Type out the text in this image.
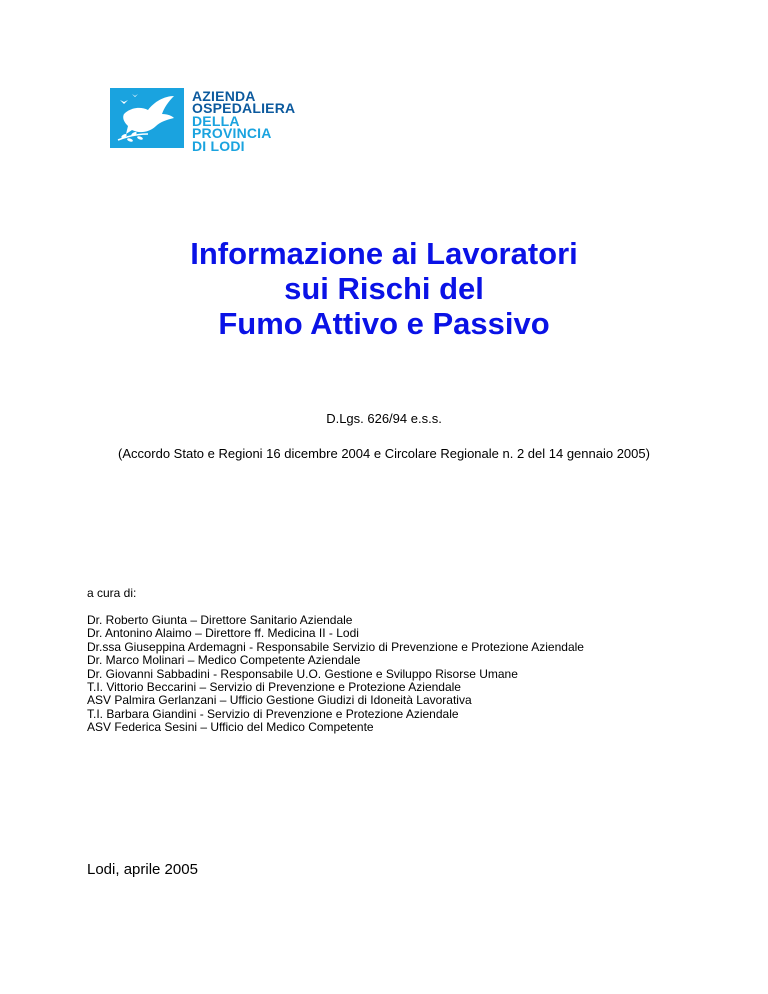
AZIENDA
OSPEDALIERA
DELLA
PROVINCIA
DI LODI
Informazione ai Lavoratori
sui Rischi del
Fumo Attivo e Passivo
D.Lgs. 626/94 e.s.s.
(Accordo Stato e Regioni 16 dicembre 2004 e Circolare Regionale n. 2 del 14 gennaio 2005)
a cura di:
Dr. Roberto Giunta – Direttore Sanitario Aziendale
Dr. Antonino Alaimo – Direttore ff. Medicina II - Lodi
Dr.ssa Giuseppina Ardemagni - Responsabile Servizio di Prevenzione e Protezione Aziendale
Dr. Marco Molinari – Medico Competente Aziendale
Dr. Giovanni Sabbadini - Responsabile U.O. Gestione e Sviluppo Risorse Umane
T.I. Vittorio Beccarini – Servizio di Prevenzione e Protezione Aziendale
ASV Palmira Gerlanzani – Ufficio Gestione Giudizi di Idoneità Lavorativa
T.I. Barbara Giandini - Servizio di Prevenzione e Protezione Aziendale
ASV Federica Sesini – Ufficio del Medico Competente
Lodi, aprile 2005
